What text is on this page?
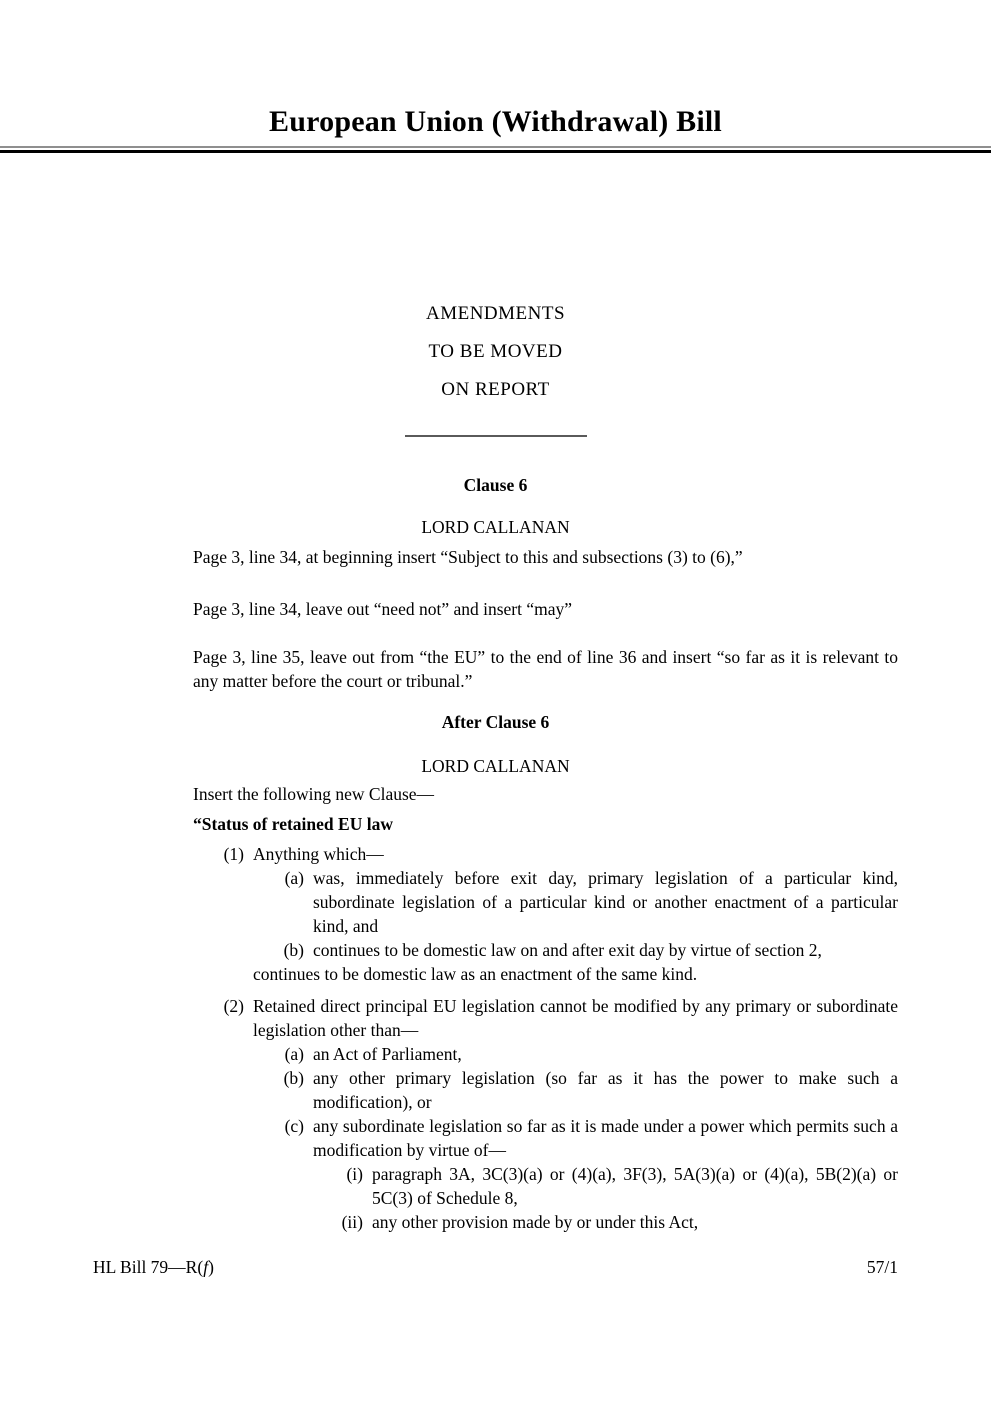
European Union (Withdrawal) Bill
AMENDMENTS
TO BE MOVED
ON REPORT
Clause 6
LORD CALLANAN

Page 3, line 34, at beginning insert “Subject to this and subsections (3) to (6),”

Page 3, line 34, leave out “need not” and insert “may”

Page 3, line 35, leave out from “the EU” to the end of line 36 and insert “so far as it is relevant to any matter before the court or tribunal.”

After Clause 6
LORD CALLANAN

Insert the following new Clause—

“Status of retained EU law

(1) Anything which—
(a) was, immediately before exit day, primary legislation of a particular kind, subordinate legislation of a particular kind or another enactment of a particular kind, and
(b) continues to be domestic law on and after exit day by virtue of section 2,
continues to be domestic law as an enactment of the same kind.
(2) Retained direct principal EU legislation cannot be modified by any primary or subordinate legislation other than—
(a) an Act of Parliament,
(b) any other primary legislation (so far as it has the power to make such a modification), or
(c) any subordinate legislation so far as it is made under a power which permits such a modification by virtue of—
(i) paragraph 3A, 3C(3)(a) or (4)(a), 3F(3), 5A(3)(a) or (4)(a), 5B(2)(a) or 5C(3) of Schedule 8,
(ii) any other provision made by or under this Act,
HL Bill 79—R(f)	57/1
